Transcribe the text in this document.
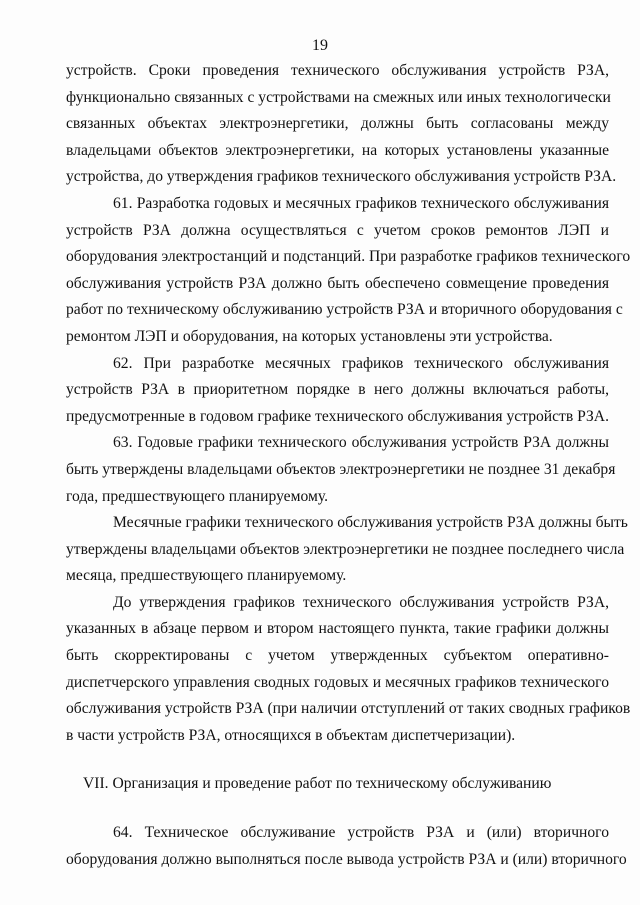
19

устройств. Сроки проведения технического обслуживания устройств РЗА,
функционально связанных с устройствами на смежных или иных технологически
связанных объектах электроэнергетики, должны быть согласованы между
владельцами объектов электроэнергетики, на которых установлены указанные
устройства, до утверждения графиков технического обслуживания устройств РЗА.

61. Разработка годовых и месячных графиков технического обслуживания
устройств РЗА должна осуществляться с учетом сроков ремонтов ЛЭП и
оборудования электростанций и подстанций. При разработке графиков технического
обслуживания устройств РЗА должно быть обеспечено совмещение проведения
работ по техническому обслуживанию устройств РЗА и вторичного оборудования с
ремонтом ЛЭП и оборудования, на которых установлены эти устройства.

62. При разработке месячных графиков технического обслуживания
устройств РЗА в приоритетном порядке в него должны включаться работы,
предусмотренные в годовом графике технического обслуживания устройств РЗА.

63. Годовые графики технического обслуживания устройств РЗА должны
быть утверждены владельцами объектов электроэнергетики не позднее 31 декабря
года, предшествующего планируемому.

Месячные графики технического обслуживания устройств РЗА должны быть
утверждены владельцами объектов электроэнергетики не позднее последнего числа
месяца, предшествующего планируемому.

До утверждения графиков технического обслуживания устройств РЗА,
указанных в абзаце первом и втором настоящего пункта, такие графики должны
быть скорректированы с учетом утвержденных субъектом оперативно-
диспетчерского управления сводных годовых и месячных графиков технического
обслуживания устройств РЗА (при наличии отступлений от таких сводных графиков
в части устройств РЗА, относящихся в объектам диспетчеризации).

VII. Организация и проведение работ по техническому обслуживанию

64. Техническое обслуживание устройств РЗА и (или) вторичного
оборудования должно выполняться после вывода устройств РЗА и (или) вторичного
